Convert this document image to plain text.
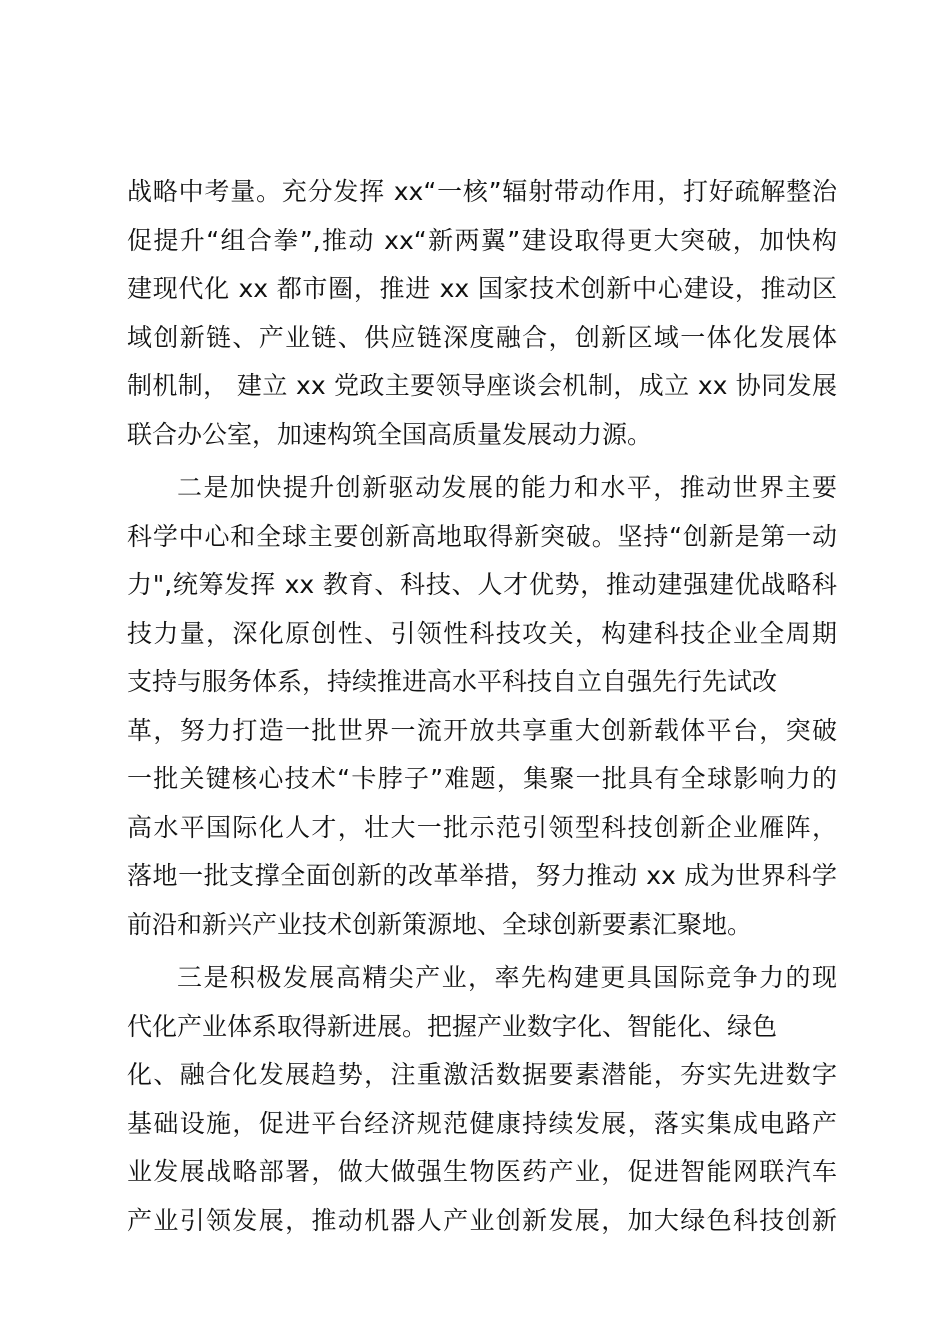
战略中考量。充分发挥 xx“一核”辐射带动作用，打好疏解整治
促提升“组合拳”,推动 xx“新两翼”建设取得更大突破，加快构
建现代化 xx 都市圈，推进 xx 国家技术创新中心建设，推动区
域创新链、产业链、供应链深度融合，创新区域一体化发展体
制机制， 建立 xx 党政主要领导座谈会机制，成立 xx 协同发展
联合办公室，加速构筑全国高质量发展动力源。
二是加快提升创新驱动发展的能力和水平，推动世界主要
科学中心和全球主要创新高地取得新突破。坚持“创新是第一动
力",统筹发挥 xx 教育、科技、人才优势，推动建强建优战略科
技力量，深化原创性、引领性科技攻关，构建科技企业全周期
支持与服务体系，持续推进高水平科技自立自强先行先试改
革，努力打造一批世界一流开放共享重大创新载体平台，突破
一批关键核心技术“卡脖子”难题，集聚一批具有全球影响力的
高水平国际化人才，壮大一批示范引领型科技创新企业雁阵，
落地一批支撑全面创新的改革举措，努力推动 xx 成为世界科学
前沿和新兴产业技术创新策源地、全球创新要素汇聚地。
三是积极发展高精尖产业，率先构建更具国际竞争力的现
代化产业体系取得新进展。把握产业数字化、智能化、绿色
化、融合化发展趋势，注重激活数据要素潜能，夯实先进数字
基础设施，促进平台经济规范健康持续发展，落实集成电路产
业发展战略部署，做大做强生物医药产业，促进智能网联汽车
产业引领发展，推动机器人产业创新发展，加大绿色科技创新
